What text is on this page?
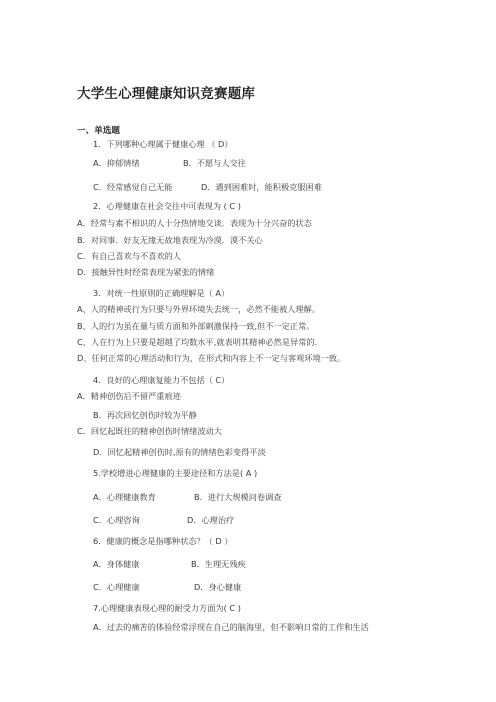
大学生心理健康知识竞赛题库
一、单选题
1．下列哪种心理属于健康心理 （ D）
A．抑郁情绪	B．不愿与人交往
C．经常感觉自己无能	D．遇到困难时，能积极克服困难
2．心理健康在社会交往中可表现为 ( C )
A．经常与素不相识的人十分热情地交谈．表现为十分兴奋的状态
B．对同事．好友无缘无故地表现为冷漠．漠不关心
C．有自己喜欢与不喜欢的人
D．接触异性时经常表现为紧张的情绪
3．对统一性原则的正确理解是（ A）
A、人的精神或行为只要与外界环境失去统一，必然不能被人理解。
B、人的行为虽在量与质方面和外部刺激保持一致,但不一定正常。
C、人在行为上只要是超越了均数水平,就表明其精神必然是异常的.
D、任何正常的心理活动和行为，在形式和内容上不一定与客观环境一致。
4．良好的心理康复能力不包括（ C）
A．精神创伤后不留严重痕迹
B．再次回忆创伤时较为平静
C．回忆起既往的精神创伤时情绪波动大
D．回忆起精神创伤时,原有的情绪色彩变得平淡
5.学校增进心理健康的主要途径和方法是( A )
A．心理健康教育	B．进行大规模问卷调查
C．心理咨询	D．心理治疗
6．健康的概念是指哪种状态？（ D ）
A．身体健康	B．生理无残疾
C．心理健康	D．身心健康
7.心理健康表现心理的耐受力方面为( C )
A．过去的痛苦的体验经常浮现在自己的脑海里，但不影响日常的工作和生活
